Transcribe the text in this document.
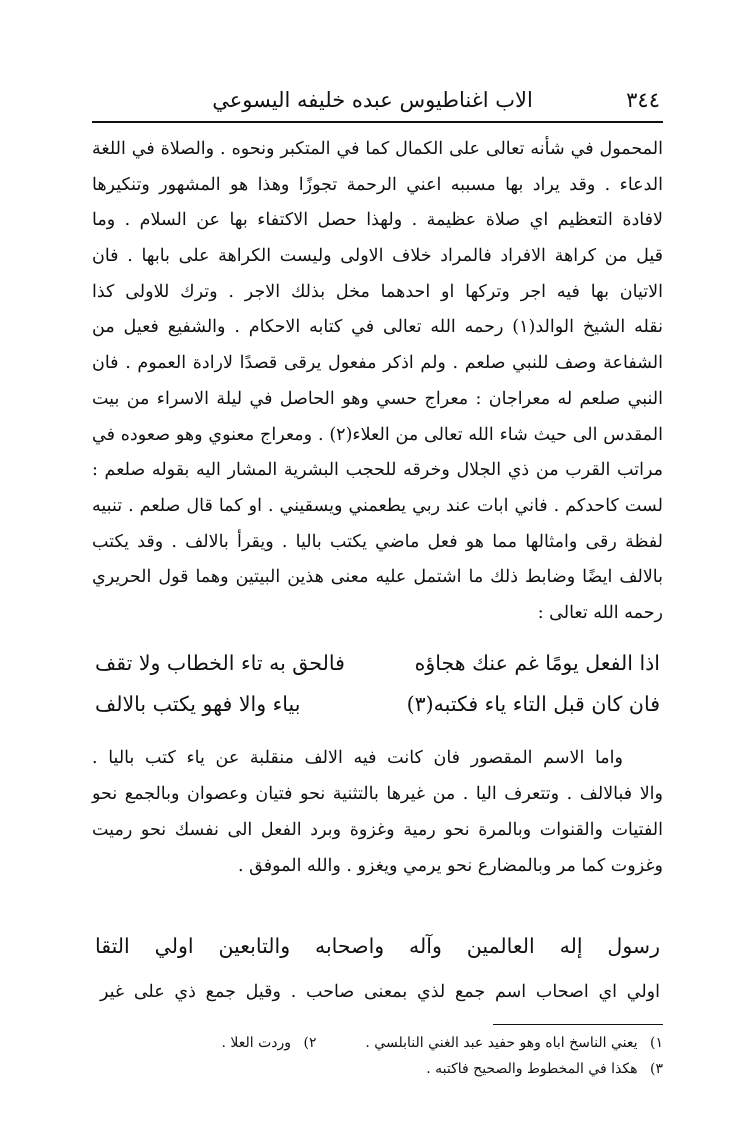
٣٤٤
الاب اغناطيوس عبده خليفه اليسوعي
المحمول في شأنه تعالى على الكمال كما في المتكبر ونحوه . والصلاة في اللغة
الدعاء . وقد يراد بها مسببه اعني الرحمة تجوزًا وهذا هو المشهور وتنكيرها
لافادة التعظيم اي صلاة عظيمة . ولهذا حصل الاكتفاء بها عن السلام . وما
قيل من كراهة الافراد فالمراد خلاف الاولى وليست الكراهة على بابها . فان
الاتيان بها فيه اجر وتركها او احدهما مخل بذلك الاجر . وترك للاولى كذا
نقله الشيخ الوالد(١) رحمه الله تعالى في كتابه الاحكام . والشفيع فعيل من
الشفاعة وصف للنبي صلعم . ولم اذكر مفعول يرقى قصدًا لارادة العموم . فان
النبي صلعم له معراجان : معراج حسي وهو الحاصل في ليلة الاسراء من بيت
المقدس الى حيث شاء الله تعالى من العلاء(٢) . ومعراج معنوي وهو صعوده في
مراتب القرب من ذي الجلال وخرقه للحجب البشرية المشار اليه بقوله صلعم :
لست كاحدكم . فاني ابات عند ربي يطعمني ويسقيني . او كما قال صلعم . تنبيه
لفظة رقى وامثالها مما هو فعل ماضي يكتب باليا . ويقرأ بالالف . وقد يكتب
بالالف ايضًا وضابط ذلك ما اشتمل عليه معنى هذين البيتين وهما قول الحريري
رحمه الله تعالى :
اذا الفعل يومًا غم عنك هجاؤه
فالحق به تاء الخطاب ولا تقف
فان كان قبل التاء ياء فكتبه(٣)
بياء والا فهو يكتب بالالف
واما الاسم المقصور فان كانت فيه الالف منقلبة عن ياء كتب باليا .
والا فبالالف . وتتعرف اليا . من غيرها بالتثنية نحو فتيان وعصوان وبالجمع نحو
الفتيات والقنوات وبالمرة نحو رمية وغزوة وبرد الفعل الى نفسك نحو رميت
وغزوت كما مر وبالمضارع نحو يرمي ويغزو . والله الموفق .
رسول إله العالمين وآله واصحابه والتابعين اولي التقا
اولي اي اصحاب اسم جمع لذي بمعنى صاحب . وقيل جمع ذي على غير
١) يعني الناسخ اباه وهو حفيد عبد الغني النابلسي .  ٢) وردت العلا .
٣) هكذا في المخطوط والصحيح فاكتبه .
